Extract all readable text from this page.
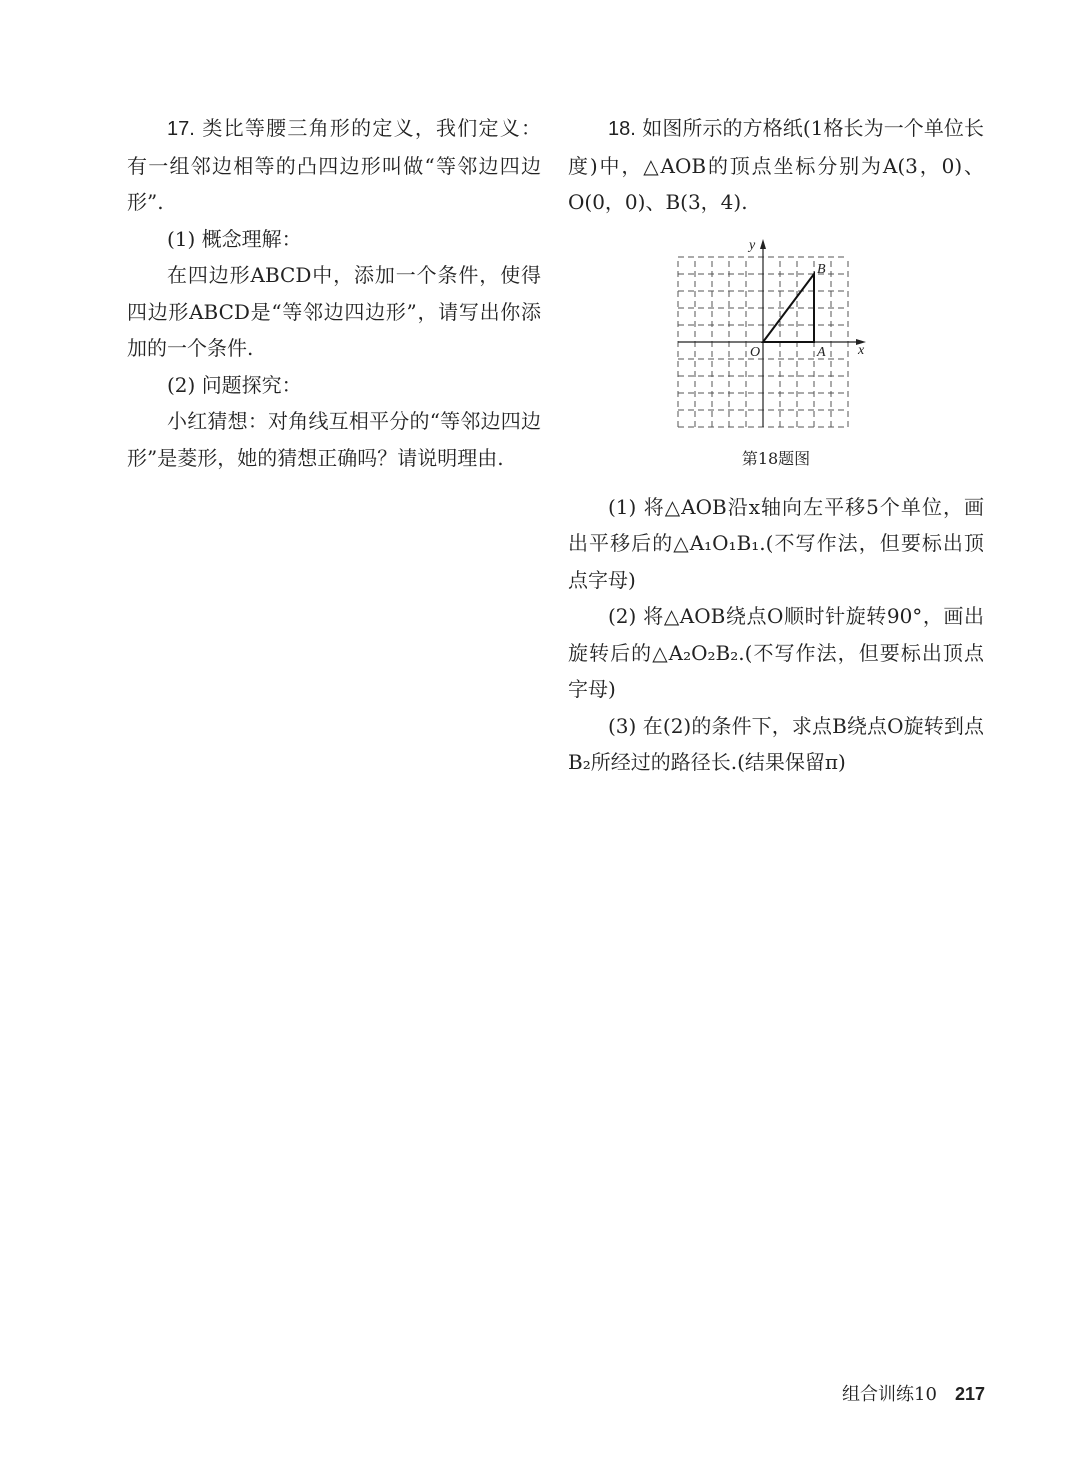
17. 类比等腰三角形的定义，我们定义：有一组邻边相等的凸四边形叫做“等邻边四边形”.

(1) 概念理解：

在四边形ABCD中，添加一个条件，使得四边形ABCD是“等邻边四边形”，请写出你添加的一个条件.

(2) 问题探究：

小红猜想：对角线互相平分的“等邻边四边形”是菱形，她的猜想正确吗？请说明理由.

18. 如图所示的方格纸(1格长为一个单位长度)中，△AOB的顶点坐标分别为A(3，0)、O(0，0)、B(3，4).

x
y
O	A
B
第18题图

(1) 将△AOB沿x轴向左平移5个单位，画出平移后的△A₁O₁B₁.(不写作法，但要标出顶点字母)

(2) 将△AOB绕点O顺时针旋转90°，画出旋转后的△A₂O₂B₂.(不写作法，但要标出顶点字母)

(3) 在(2)的条件下，求点B绕点O旋转到点B₂所经过的路径长.(结果保留π)

组合训练10 217
